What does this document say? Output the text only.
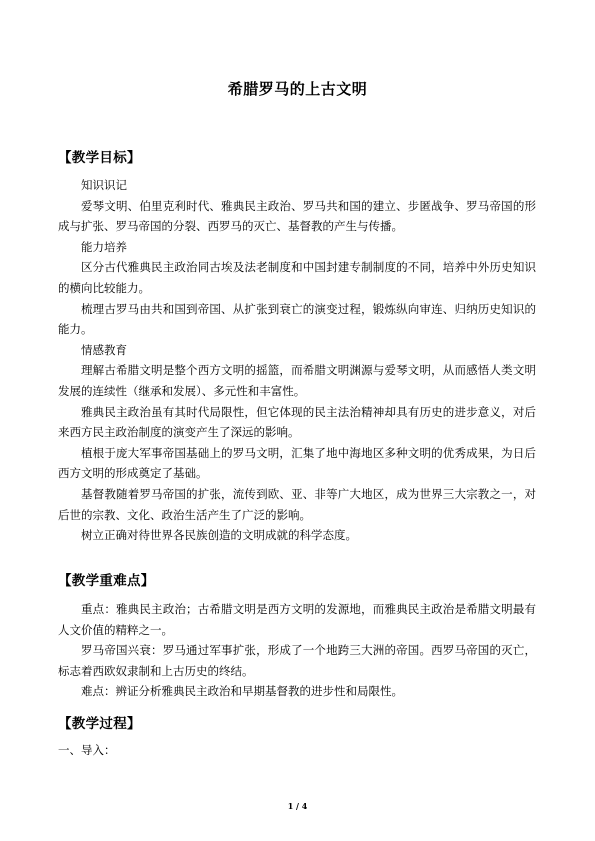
希腊罗马的上古文明
【教学目标】

知识识记

爱琴文明、伯里克利时代、雅典民主政治、罗马共和国的建立、步匿战争、罗马帝国的形成与扩张、罗马帝国的分裂、西罗马的灭亡、基督教的产生与传播。

能力培养

区分古代雅典民主政治同古埃及法老制度和中国封建专制制度的不同，培养中外历史知识的横向比较能力。

梳理古罗马由共和国到帝国、从扩张到衰亡的演变过程，锻炼纵向审连、归纳历史知识的能力。

情感教育

理解古希腊文明是整个西方文明的摇篮，而希腊文明渊源与爱琴文明，从而感悟人类文明发展的连续性（继承和发展）、多元性和丰富性。

雅典民主政治虽有其时代局限性，但它体现的民主法治精神却具有历史的进步意义，对后来西方民主政治制度的演变产生了深远的影响。

植根于庞大军事帝国基础上的罗马文明，汇集了地中海地区多种文明的优秀成果，为日后西方文明的形成奠定了基础。

基督教随着罗马帝国的扩张，流传到欧、亚、非等广大地区，成为世界三大宗教之一，对后世的宗教、文化、政治生活产生了广泛的影响。

树立正确对待世界各民族创造的文明成就的科学态度。

【教学重难点】

重点：雅典民主政治；古希腊文明是西方文明的发源地，而雅典民主政治是希腊文明最有人文价值的精粹之一。

罗马帝国兴衰：罗马通过军事扩张，形成了一个地跨三大洲的帝国。西罗马帝国的灭亡，标志着西欧奴隶制和上古历史的终结。

难点：辨证分析雅典民主政治和早期基督教的进步性和局限性。

【教学过程】
一、导入：
1 / 4
